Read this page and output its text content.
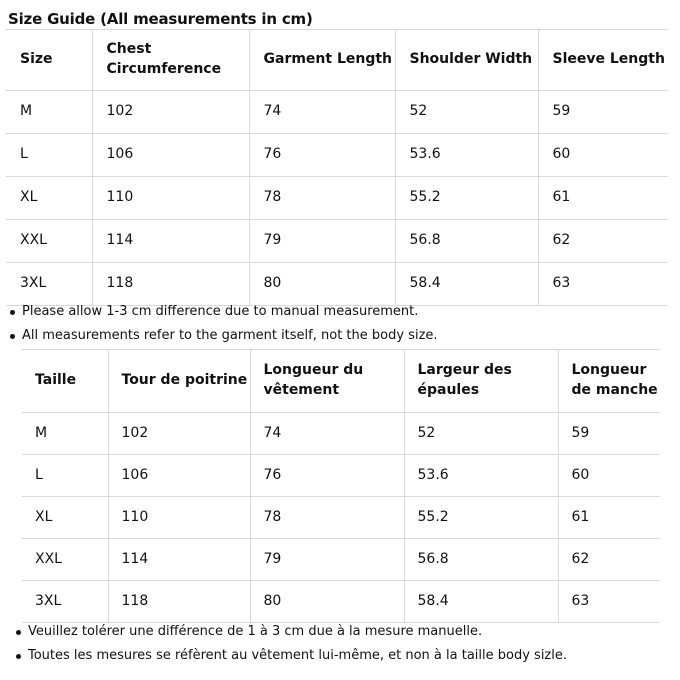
Size Guide (All measurements in cm)
Size	Chest Circumference	Garment Length	Shoulder Width	Sleeve Length
M	102	74	52	59
L	106	76	53.6	60
XL	110	78	55.2	61
XXL	114	79	56.8	62
3XL	118	80	58.4	63
Please allow 1-3 cm difference due to manual measurement.
All measurements refer to the garment itself, not the body size.
Taille	Tour de poitrine	Longueur du vêtement	Largeur des épaules	Longueur de manche
M	102	74	52	59
L	106	76	53.6	60
XL	110	78	55.2	61
XXL	114	79	56.8	62
3XL	118	80	58.4	63
Veuillez tolérer une différence de 1 à 3 cm due à la mesure manuelle.
Toutes les mesures se réfèrent au vêtement lui-même, et non à la taille body sizle.
